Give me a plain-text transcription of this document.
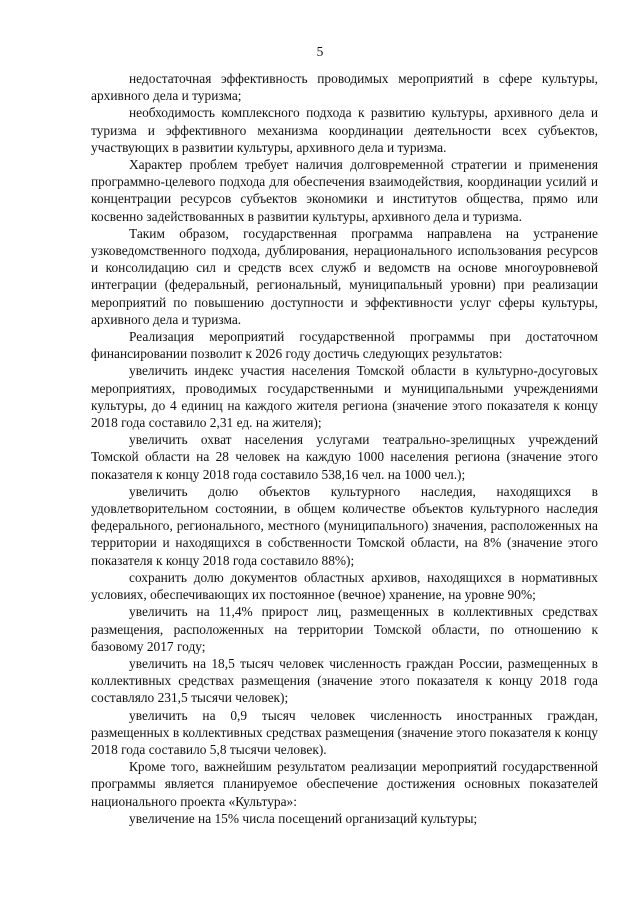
5

недостаточная эффективность проводимых мероприятий в сфере культуры, архивного дела и туризма;

необходимость комплексного подхода к развитию культуры, архивного дела и туризма и эффективного механизма координации деятельности всех субъектов, участвующих в развитии культуры, архивного дела и туризма.

Характер проблем требует наличия долговременной стратегии и применения программно-целевого подхода для обеспечения взаимодействия, координации усилий и концентрации ресурсов субъектов экономики и институтов общества, прямо или косвенно задействованных в развитии культуры, архивного дела и туризма.

Таким образом, государственная программа направлена на устранение узковедомственного подхода, дублирования, нерационального использования ресурсов и консолидацию сил и средств всех служб и ведомств на основе многоуровневой интеграции (федеральный, региональный, муниципальный уровни) при реализации мероприятий по повышению доступности и эффективности услуг сферы культуры, архивного дела и туризма.

Реализация мероприятий государственной программы при достаточном финансировании позволит к 2026 году достичь следующих результатов:

увеличить индекс участия населения Томской области в культурно-досуговых мероприятиях, проводимых государственными и муниципальными учреждениями культуры, до 4 единиц на каждого жителя региона (значение этого показателя к концу 2018 года составило 2,31 ед. на жителя);

увеличить охват населения услугами театрально-зрелищных учреждений Томской области на 28 человек на каждую 1000 населения региона (значение этого показателя к концу 2018 года составило 538,16 чел. на 1000 чел.);

увеличить долю объектов культурного наследия, находящихся в удовлетворительном состоянии, в общем количестве объектов культурного наследия федерального, регионального, местного (муниципального) значения, расположенных на территории и находящихся в собственности Томской области, на 8% (значение этого показателя к концу 2018 года составило 88%);

сохранить долю документов областных архивов, находящихся в нормативных условиях, обеспечивающих их постоянное (вечное) хранение, на уровне 90%;

увеличить на 11,4% прирост лиц, размещенных в коллективных средствах размещения, расположенных на территории Томской области, по отношению к базовому 2017 году;

увеличить на 18,5 тысяч человек численность граждан России, размещенных в коллективных средствах размещения (значение этого показателя к концу 2018 года составляло 231,5 тысячи человек);

увеличить на 0,9 тысяч человек численность иностранных граждан, размещенных в коллективных средствах размещения (значение этого показателя к концу 2018 года составило 5,8 тысячи человек).

Кроме того, важнейшим результатом реализации мероприятий государственной программы является планируемое обеспечение достижения основных показателей национального проекта «Культура»:

увеличение на 15% числа посещений организаций культуры;
